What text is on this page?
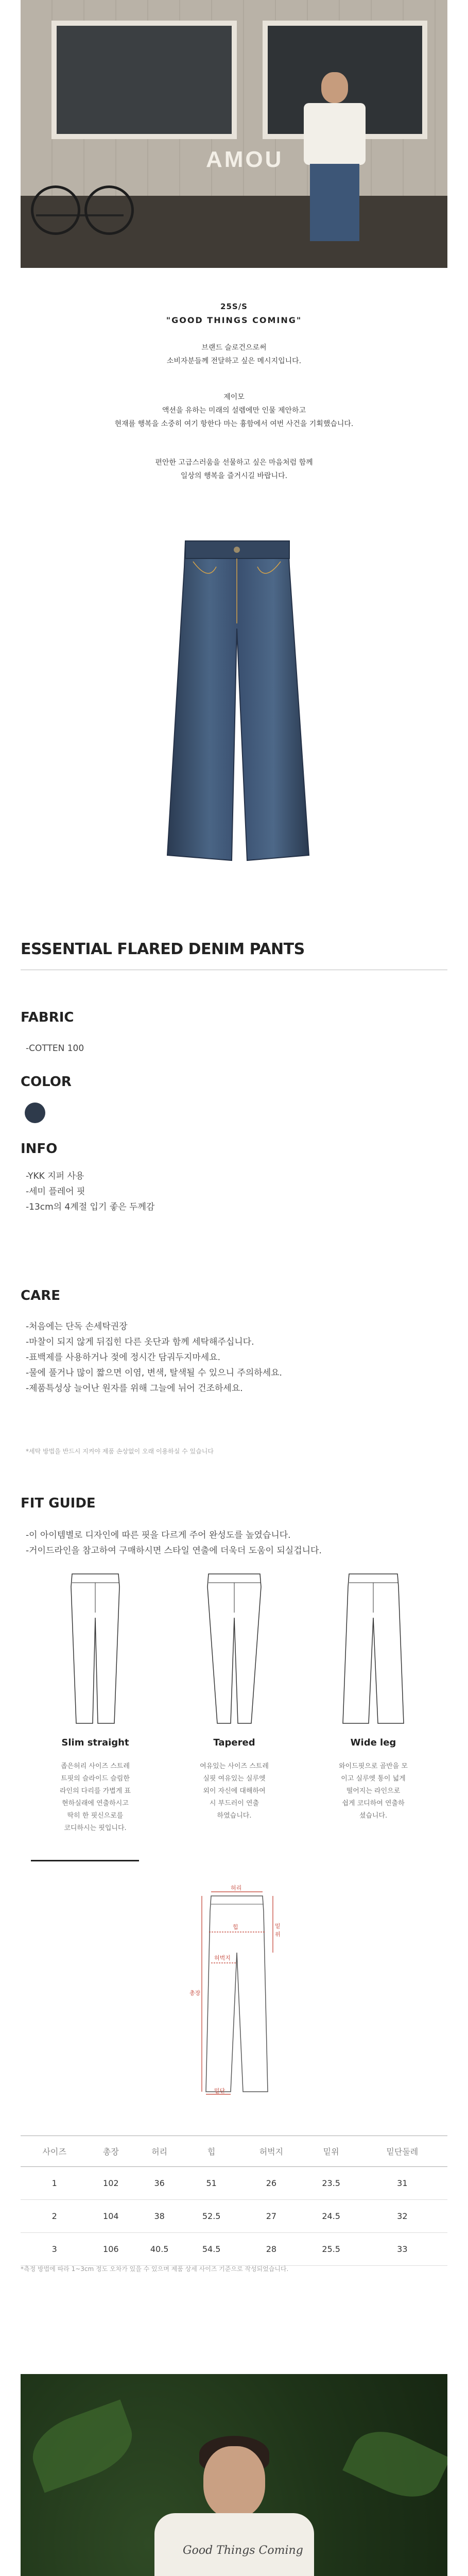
AMOU
25S/S
"GOOD THINGS COMING"
브랜드 슬로건으로써
소비자분들께 전달하고 싶은 메시지입니다.
제이모
액션을 유하는 미래의 설렘에만 인물 제안하고
현재를 행복을 소중히 여기 항한다 마는 흉함에서 여번 사건을 기획했습니다.
편안한 고급스러움을 선물하고 싶은 마음처럼 함께
일상의 행복을 즐거시길 바랍니다.
ESSENTIAL FLARED DENIM PANTS
FABRIC
-COTTEN 100
COLOR
INFO
-YKK 지퍼 사용
-세미 플레어 핏
-13cm의 4계절 입기 좋은 두께감
CARE
-처음에는 단독 손세탁권장
-마찰이 되지 않게 뒤집힌 다른 옷단과 함께 세탁해주십니다.
-표백제를 사용하거나 젖에 정시간 담궈두지마세요.
-물에 풀거나 많이 짧으면 이염, 변색, 탈색될 수 있으니 주의하세요.
-제품특성상 늘어난 원자를 위해 그늘에 뉘어 건조하세요.
*세탁 방법을 반드시 지켜야 제품 손상없이 오래 이용하실 수 있습니다
FIT GUIDE
-이 아이템별로 디자인에 따른 핏을 다르게 주어 완성도를 높였습니다.
-거이드라인을 참고하여 구매하시면 스타일 연출에 더욱더 도움이 되실겁니다.
Slim straight
좁은허리 사이즈 스트레
트핏의 슬라이드 슬림한
라인의 다리를 가볍게 표
현하실래에 연출하시고
딱히 한 핏신으로를
코디하시는 핏입니다.
Tapered
여유있는 사이즈 스트레
실핏 여유있는 실루엣
외이 자신에 대해하여
시 부드러이 연출
하였습니다.
Wide leg
와이드핏으로 골반을 모
이고 실루엣 통이 넓게
떨어지는 라인으로
쉽게 코디하여 연출하
셨습니다.
허리
힙
총장
허벅지
밑위
밑단
사이즈	총장	허리	힙	허벅지	밑위	밑단둘레
1	102	36	51	26	23.5	31
2	104	38	52.5	27	24.5	32
3	106	40.5	54.5	28	25.5	33
*측정 방법에 따라 1~3cm 정도 오차가 있을 수 있으며 제품 상세 사이즈 기준으로 작성되었습니다.
Good Things Coming
